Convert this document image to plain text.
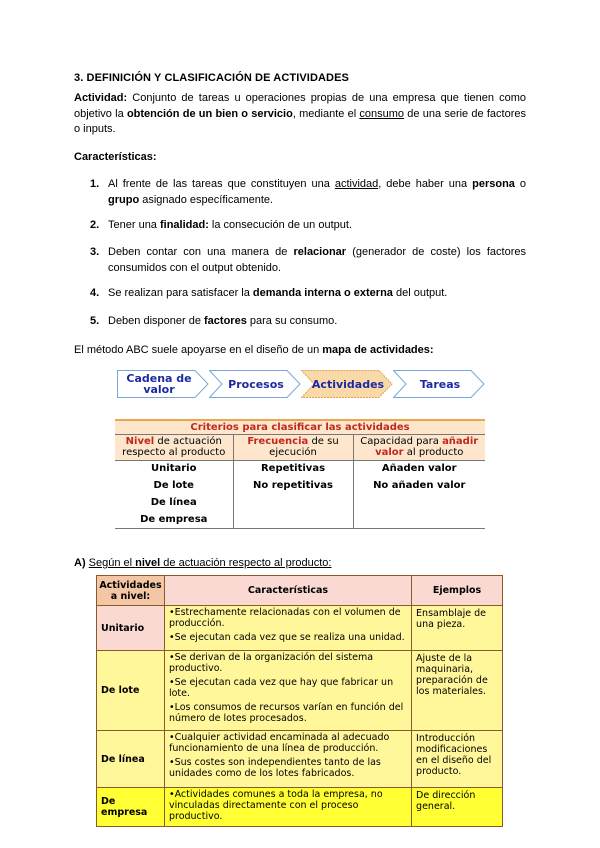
3. DEFINICIÓN Y CLASIFICACIÓN DE ACTIVIDADES
Actividad: Conjunto de tareas u operaciones propias de una empresa que tienen como objetivo la obtención de un bien o servicio, mediante el consumo de una serie de factores o inputs.
Características:
1. Al frente de las tareas que constituyen una actividad, debe haber una persona o grupo asignado específicamente.
2. Tener una finalidad: la consecución de un output.
3. Deben contar con una manera de relacionar (generador de coste) los factores consumidos con el output obtenido.
4. Se realizan para satisfacer la demanda interna o externa del output.
5. Deben disponer de factores para su consumo.
El método ABC suele apoyarse en el diseño de un mapa de actividades:
Cadena de valor	Procesos	Actividades	Tareas
Criterios para clasificar las actividades		
Nivel de actuación respecto al producto	Frecuencia de su ejecución	Capacidad para añadir valor al producto
Unitario	Repetitivas	Añaden valor
De lote	No repetitivas	No añaden valor
De línea		
De empresa		
A) Según el nivel de actuación respecto al producto:
Actividades a nivel:	Características	Ejemplos
Unitario	•Estrechamente relacionadas con el volumen de producción.
•Se ejecutan cada vez que se realiza una unidad.	Ensamblaje de una pieza.
De lote	•Se derivan de la organización del sistema productivo.
•Se ejecutan cada vez que hay que fabricar un lote.
•Los consumos de recursos varían en función del número de lotes procesados.	Ajuste de la maquinaria, preparación de los materiales.
De línea	•Cualquier actividad encaminada al adecuado funcionamiento de una línea de producción.
•Sus costes son independientes tanto de las unidades como de los lotes fabricados.	Introducción modificaciones en el diseño del producto.
De empresa	•Actividades comunes a toda la empresa, no vinculadas directamente con el proceso productivo.	De dirección general.
